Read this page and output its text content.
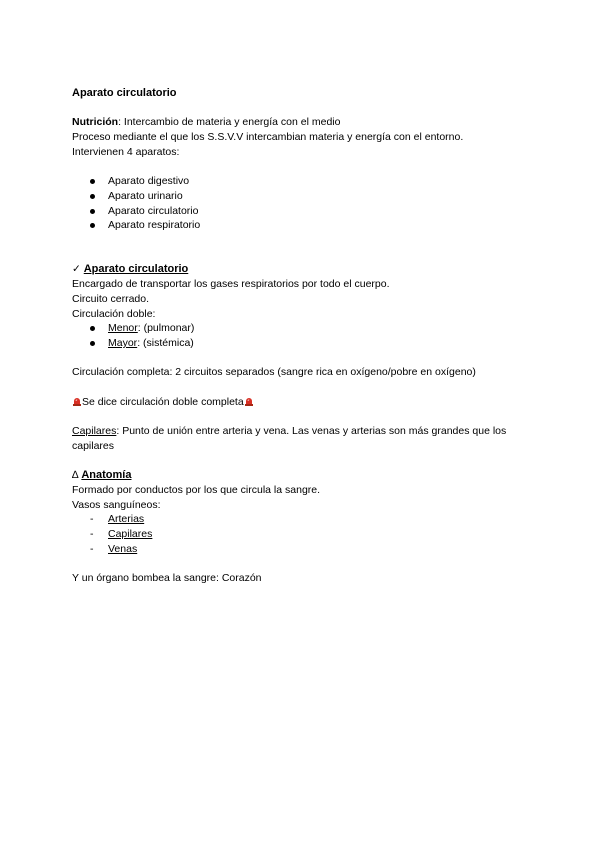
Aparato circulatorio

Nutrición: Intercambio de materia y energía con el medio

Proceso mediante el que los S.S.V.V intercambian materia y energía con el entorno.

Intervienen 4 aparatos:

Aparato digestivo
Aparato urinario
Aparato circulatorio
Aparato respiratorio

✓ Aparato circulatorio

Encargado de transportar los gases respiratorios por todo el cuerpo.

Circuito cerrado.

Circulación doble:

Menor: (pulmonar)
Mayor: (sistémica)

Circulación completa: 2 circuitos separados (sangre rica en oxígeno/pobre en oxígeno)

Se dice circulación doble completa

Capilares: Punto de unión entre arteria y vena. Las venas y arterias son más grandes que los capilares

∆ Anatomía

Formado por conductos por los que circula la sangre.

Vasos sanguíneos:

- Arterias
- Capilares
- Venas

Y un órgano bombea la sangre: Corazón
